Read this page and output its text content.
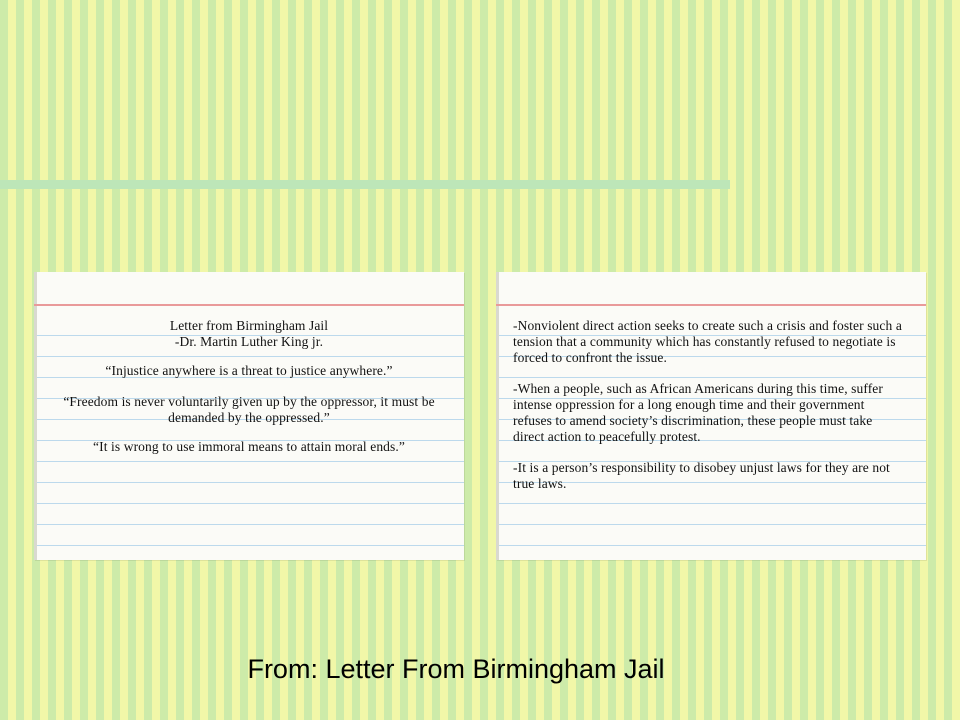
Letter from Birmingham Jail

-Dr. Martin Luther King jr.

“Injustice anywhere is a threat to justice anywhere.”

“Freedom is never voluntarily given up by the oppressor, it must be demanded by the oppressed.”

“It is wrong to use immoral means to attain moral ends.”

-Nonviolent direct action seeks to create such a crisis and foster such a tension that a community which has constantly refused to negotiate is forced to confront the issue.

-When a people, such as African Americans during this time, suffer intense oppression for a long enough time and their government refuses to amend society’s discrimination, these people must take direct action to peacefully protest.

-It is a person’s responsibility to disobey unjust laws for they are not true laws.

From: Letter From Birmingham Jail
